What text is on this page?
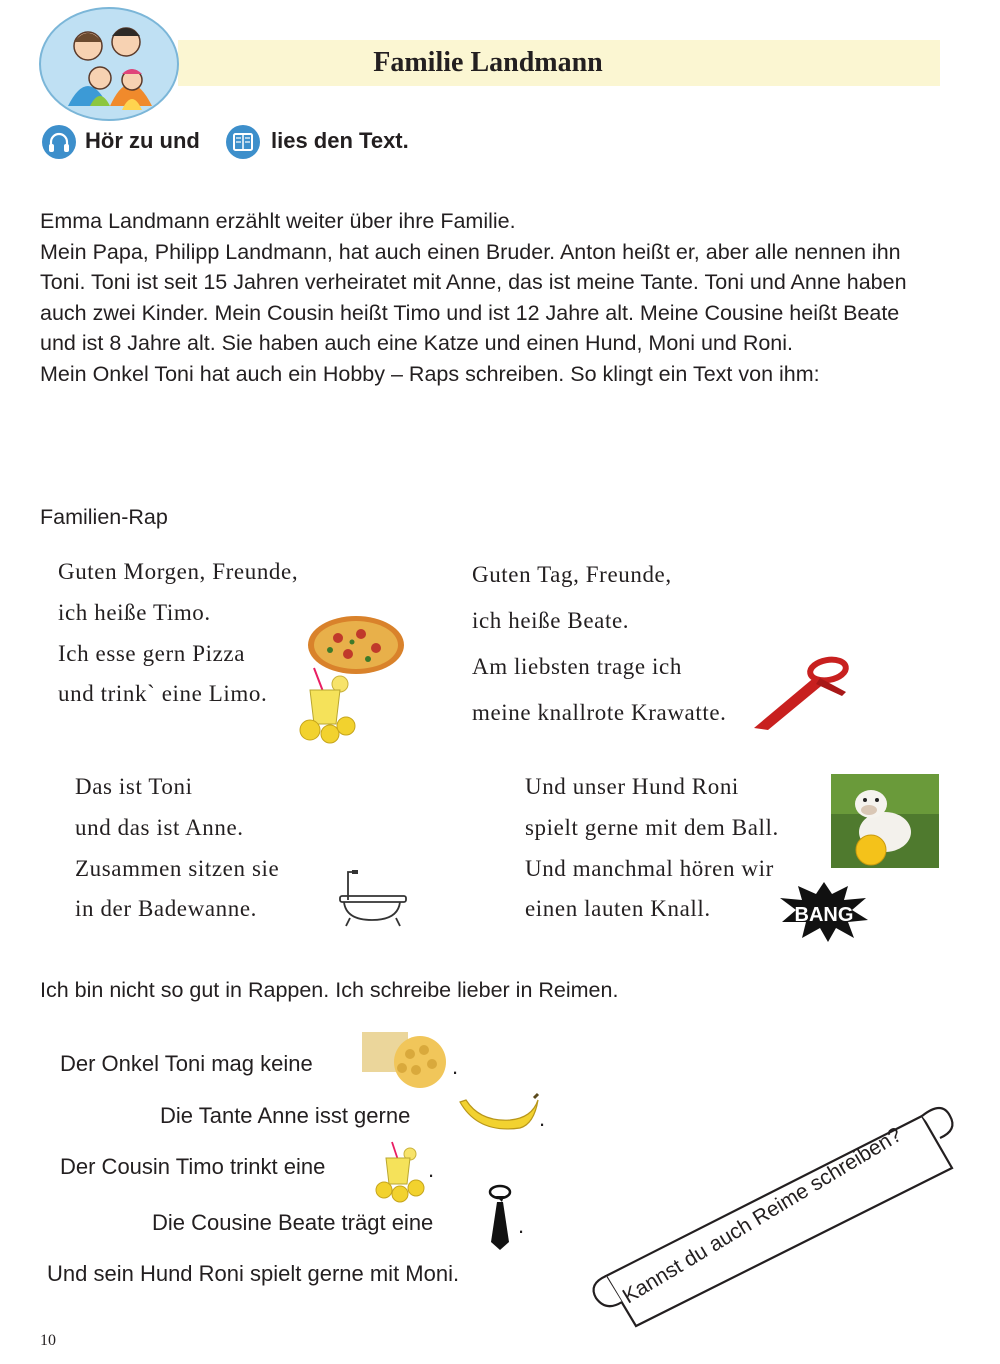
Familie Landmann
Hör zu und	lies den Text.

Emma Landmann erzählt weiter über ihre Familie.

Mein Papa, Philipp Landmann, hat auch einen Bruder. Anton heißt er, aber alle nennen ihn Toni. Toni ist seit 15 Jahren verheiratet mit Anne, das ist meine Tante. Toni und Anne haben auch zwei Kinder. Mein Cousin heißt Timo und ist 12 Jahre alt. Meine Cousine heißt Beate und ist 8 Jahre alt. Sie haben auch eine Katze und einen Hund, Moni und Roni.

Mein Onkel Toni hat auch ein Hobby – Raps schreiben. So klingt ein Text von ihm:

Familien-Rap
Guten Morgen, Freunde,
ich heiße Timo.
Ich esse gern Pizza
und trink` eine Limo.
Guten Tag, Freunde,
ich heiße Beate.
Am liebsten trage ich
meine knallrote Krawatte.
Das ist Toni
und das ist Anne.
Zusammen sitzen sie
in der Badewanne.
Und unser Hund Roni
spielt gerne mit dem Ball.
Und manchmal hören wir
einen lauten Knall.	BANG
Ich bin nicht so gut in Rappen. Ich schreibe lieber in Reimen.
Der Onkel Toni mag keine	.
Die Tante Anne isst gerne	.
Der Cousin Timo trinkt eine	.
Die Cousine Beate trägt eine	.
Und sein Hund Roni spielt gerne mit Moni.	Kannst du auch Reime schreiben?
10
